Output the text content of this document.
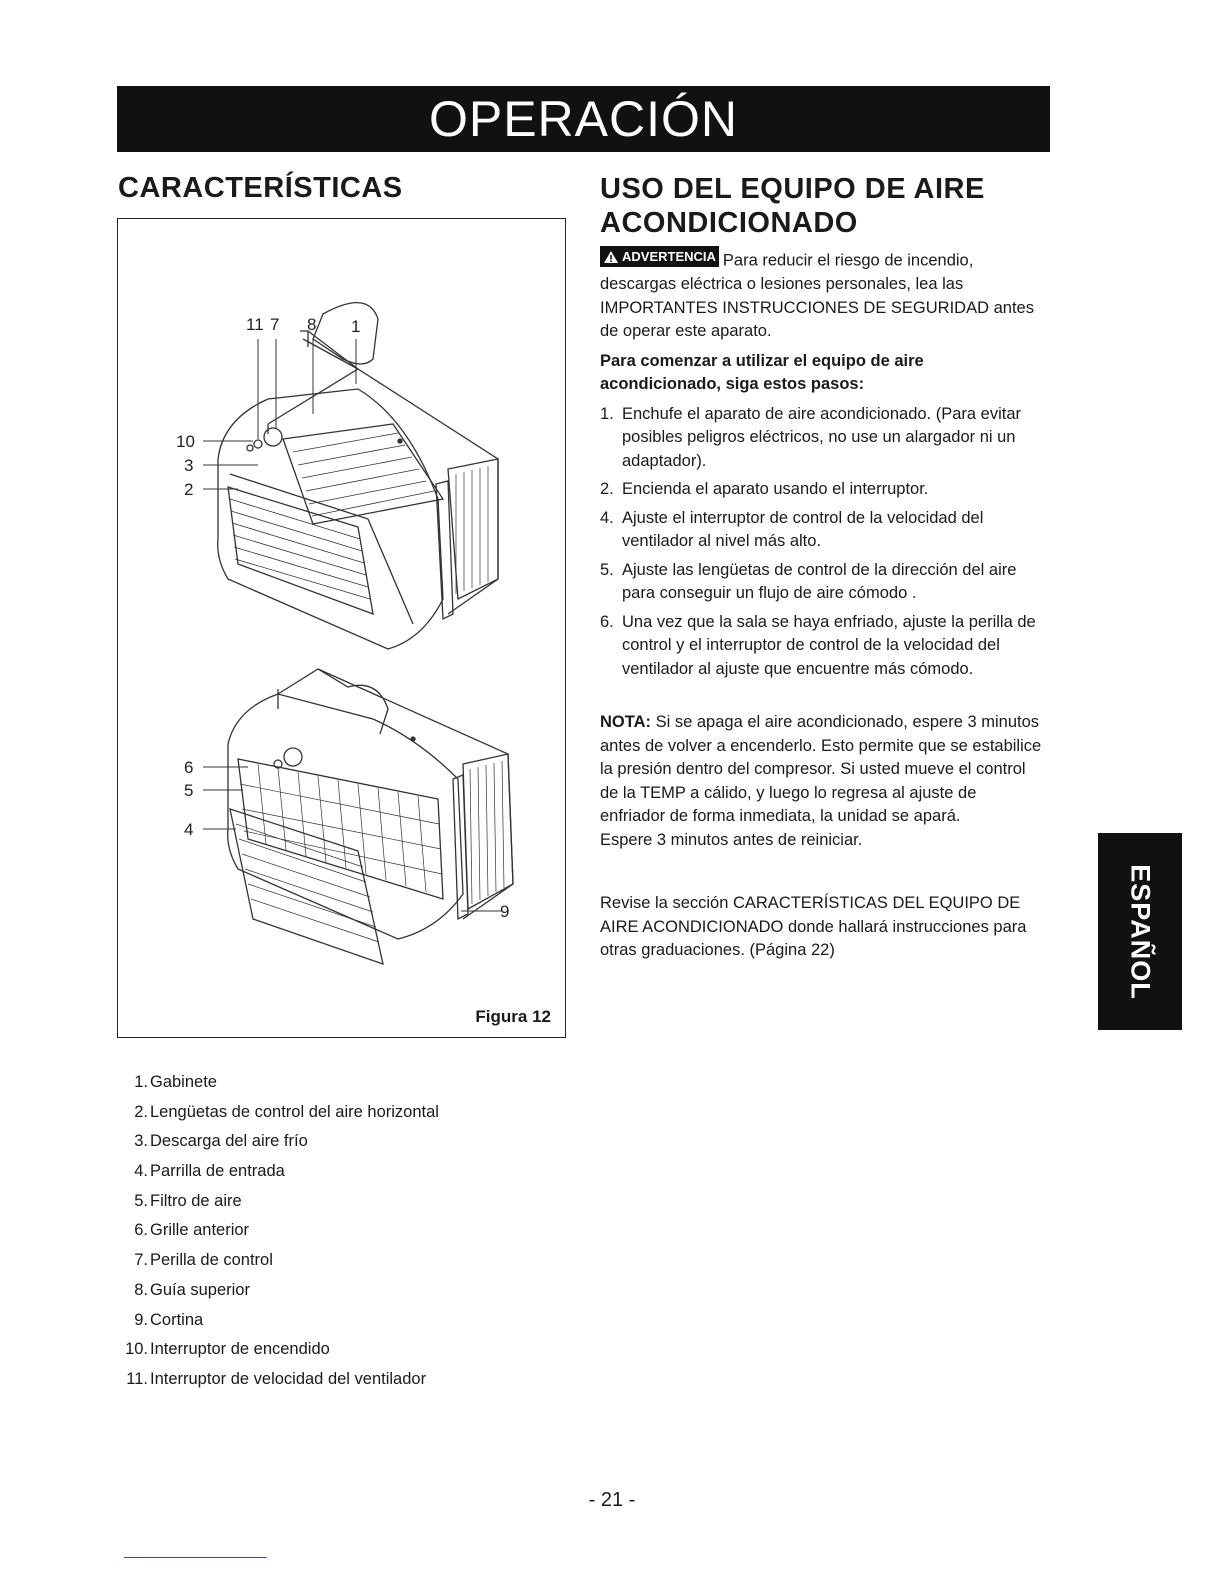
OPERACIÓN
CARACTERÍSTICAS	USO DEL EQUIPO DE AIRE ACONDICIONADO
11 7 8 1
10
3
2
6
5
4
9
Figura 12

ADVERTENCIA Para reducir el riesgo de incendio, descargas eléctrica o lesiones personales, lea las IMPORTANTES INSTRUCCIONES DE SEGURIDAD antes de operar este aparato.

Para comenzar a utilizar el equipo de aire acondicionado, siga estos pasos:

1. Enchufe el aparato de aire acondicionado. (Para evitar posibles peligros eléctricos, no use un alargador ni un adaptador).
2. Encienda el aparato usando el interruptor.
4. Ajuste el interruptor de control de la velocidad del ventilador al nivel más alto.
5. Ajuste las lengüetas de control de la dirección del aire para conseguir un flujo de aire cómodo .
6. Una vez que la sala se haya enfriado, ajuste la perilla de control y el interruptor de control de la velocidad del ventilador al ajuste que encuentre más cómodo.

NOTA: Si se apaga el aire acondicionado, espere 3 minutos antes de volver a encenderlo. Esto permite que se estabilice la presión dentro del compresor. Si usted mueve el control de la TEMP a cálido, y luego lo regresa al ajuste de enfriador de forma inmediata, la unidad se apará.

Espere 3 minutos antes de reiniciar.

Revise la sección CARACTERÍSTICAS DEL EQUIPO DE AIRE ACONDICIONADO donde hallará instrucciones para otras graduaciones. (Página 22)

1. Gabinete
2. Lengüetas de control del aire horizontal
3. Descarga del aire frío
4. Parrilla de entrada
5. Filtro de aire
6. Grille anterior
7. Perilla de control
8. Guía superior
9. Cortina
10. Interruptor de encendido
11. Interruptor de velocidad del ventilador
ESPAÑOL
- 21 -
